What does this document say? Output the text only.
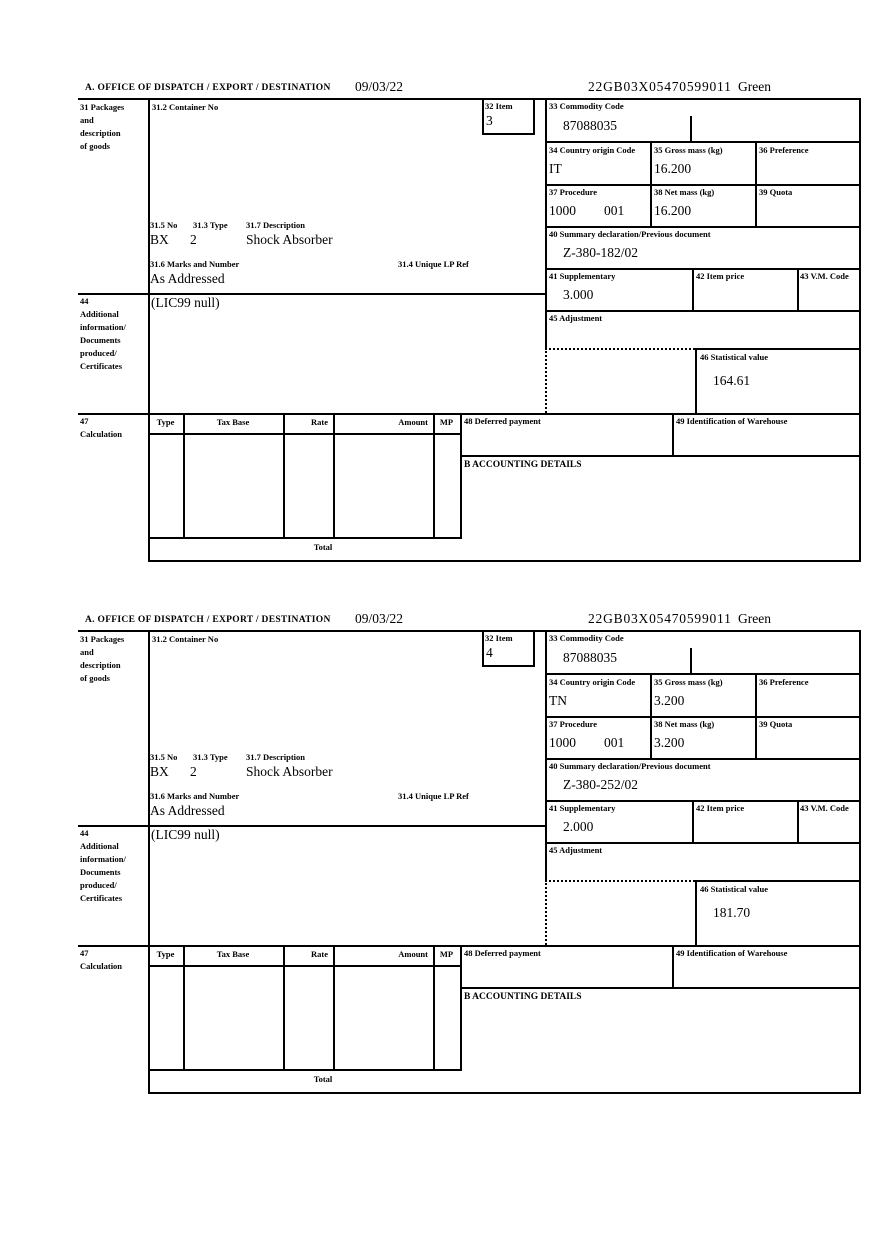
A. OFFICE OF DISPATCH / EXPORT / DESTINATION 09/03/22	22GB03X05470599011 Green
31 Packages
and
description
of goods
31.2 Container No	32 Item
3
33 Commodity Code
87088035
34 Country origin Code
IT
35 Gross mass (kg)
16.200
36 Preference
37 Procedure
1000 001
38 Net mass (kg)
16.200
39 Quota
40 Summary declaration/Previous document
Z-380-182/02
41 Supplementary
3.000
42 Item price	43 V.M. Code
45 Adjustment
46 Statistical value
164.61
31.5 No 31.3 Type 31.7 Description
BX 2	Shock Absorber
31.6 Marks and Number	31.4 Unique LP Ref
As Addressed
44
Additional
information/
Documents
produced/
Certificates
(LIC99 null)
47
Calculation
Type	Tax Base	Rate	Amount	MP	48 Deferred payment	49 Identification of Warehouse
B ACCOUNTING DETAILS
Total
A. OFFICE OF DISPATCH / EXPORT / DESTINATION 09/03/22	22GB03X05470599011 Green
31 Packages
and
description
of goods
31.2 Container No	32 Item
4
33 Commodity Code
87088035
34 Country origin Code
TN
35 Gross mass (kg)
3.200
36 Preference
37 Procedure
1000 001
38 Net mass (kg)
3.200
39 Quota
40 Summary declaration/Previous document
Z-380-252/02
41 Supplementary
2.000
42 Item price	43 V.M. Code
45 Adjustment
46 Statistical value
181.70
31.5 No 31.3 Type 31.7 Description
BX 2	Shock Absorber
31.6 Marks and Number	31.4 Unique LP Ref
As Addressed
44
Additional
information/
Documents
produced/
Certificates
(LIC99 null)
47
Calculation
Type	Tax Base	Rate	Amount	MP	48 Deferred payment	49 Identification of Warehouse
B ACCOUNTING DETAILS
Total
